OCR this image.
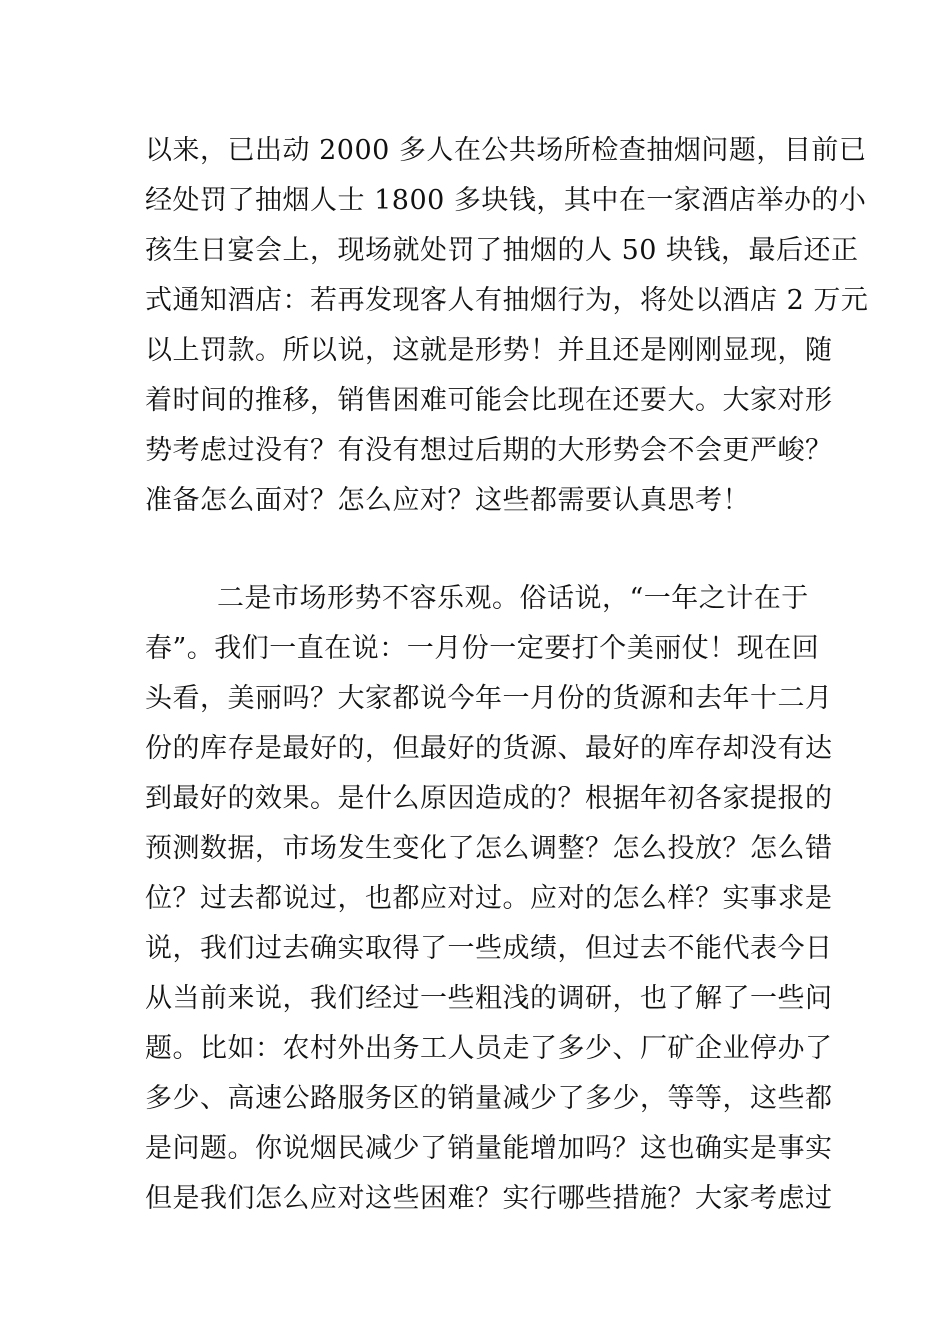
以来，已出动 2000 多人在公共场所检查抽烟问题，目前已
经处罚了抽烟人士 1800 多块钱，其中在一家酒店举办的小
孩生日宴会上，现场就处罚了抽烟的人 50 块钱，最后还正
式通知酒店：若再发现客人有抽烟行为，将处以酒店 2 万元
以上罚款。所以说，这就是形势！并且还是刚刚显现，随
着时间的推移，销售困难可能会比现在还要大。大家对形
势考虑过没有？有没有想过后期的大形势会不会更严峻？
准备怎么面对？怎么应对？这些都需要认真思考！
二是市场形势不容乐观。俗话说，“一年之计在于
春”。我们一直在说：一月份一定要打个美丽仗！现在回
头看，美丽吗？大家都说今年一月份的货源和去年十二月
份的库存是最好的，但最好的货源、最好的库存却没有达
到最好的效果。是什么原因造成的？根据年初各家提报的
预测数据，市场发生变化了怎么调整？怎么投放？怎么错
位？过去都说过，也都应对过。应对的怎么样？实事求是
说，我们过去确实取得了一些成绩，但过去不能代表今日
从当前来说，我们经过一些粗浅的调研，也了解了一些问
题。比如：农村外出务工人员走了多少、厂矿企业停办了
多少、高速公路服务区的销量减少了多少，等等，这些都
是问题。你说烟民减少了销量能增加吗？这也确实是事实
但是我们怎么应对这些困难？实行哪些措施？大家考虑过
